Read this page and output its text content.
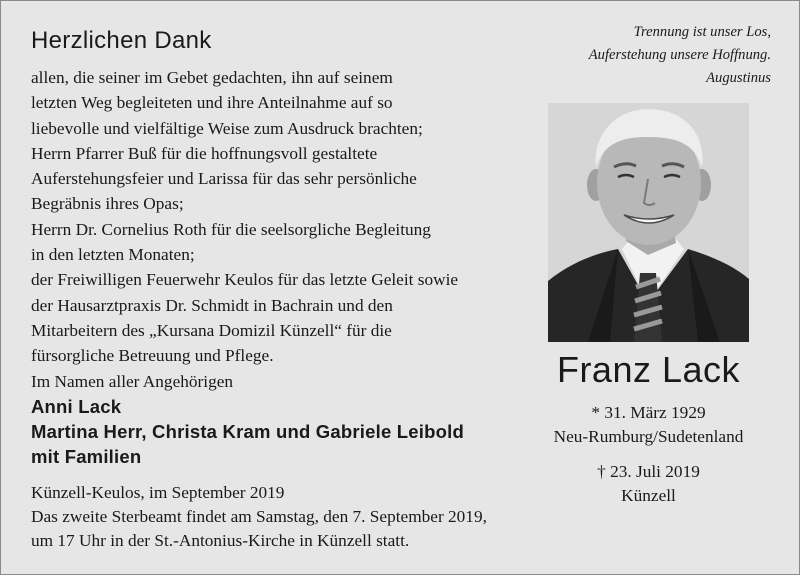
Herzlichen Dank
allen, die seiner im Gebet gedachten, ihn auf seinem
letzten Weg begleiteten und ihre Anteilnahme auf so
liebevolle und vielfältige Weise zum Ausdruck brachten;
Herrn Pfarrer Buß für die hoffnungsvoll gestaltete
Auferstehungsfeier und Larissa für das sehr persönliche
Begräbnis ihres Opas;
Herrn Dr. Cornelius Roth für die seelsorgliche Begleitung
in den letzten Monaten;
der Freiwilligen Feuerwehr Keulos für das letzte Geleit sowie
der Hausarztpraxis Dr. Schmidt in Bachrain und den
Mitarbeitern des „Kursana Domizil Künzell“ für die
fürsorgliche Betreuung und Pflege.
Im Namen aller Angehörigen
Anni Lack
Martina Herr, Christa Kram und Gabriele Leibold
mit Familien
Künzell-Keulos, im September 2019
Das zweite Sterbeamt findet am Samstag, den 7. September 2019,
um 17 Uhr in der St.-Antonius-Kirche in Künzell statt.
Trennung ist unser Los,
Auferstehung unsere Hoffnung.
Augustinus
Franz Lack
* 31. März 1929
Neu-Rumburg/Sudetenland
† 23. Juli 2019
Künzell
